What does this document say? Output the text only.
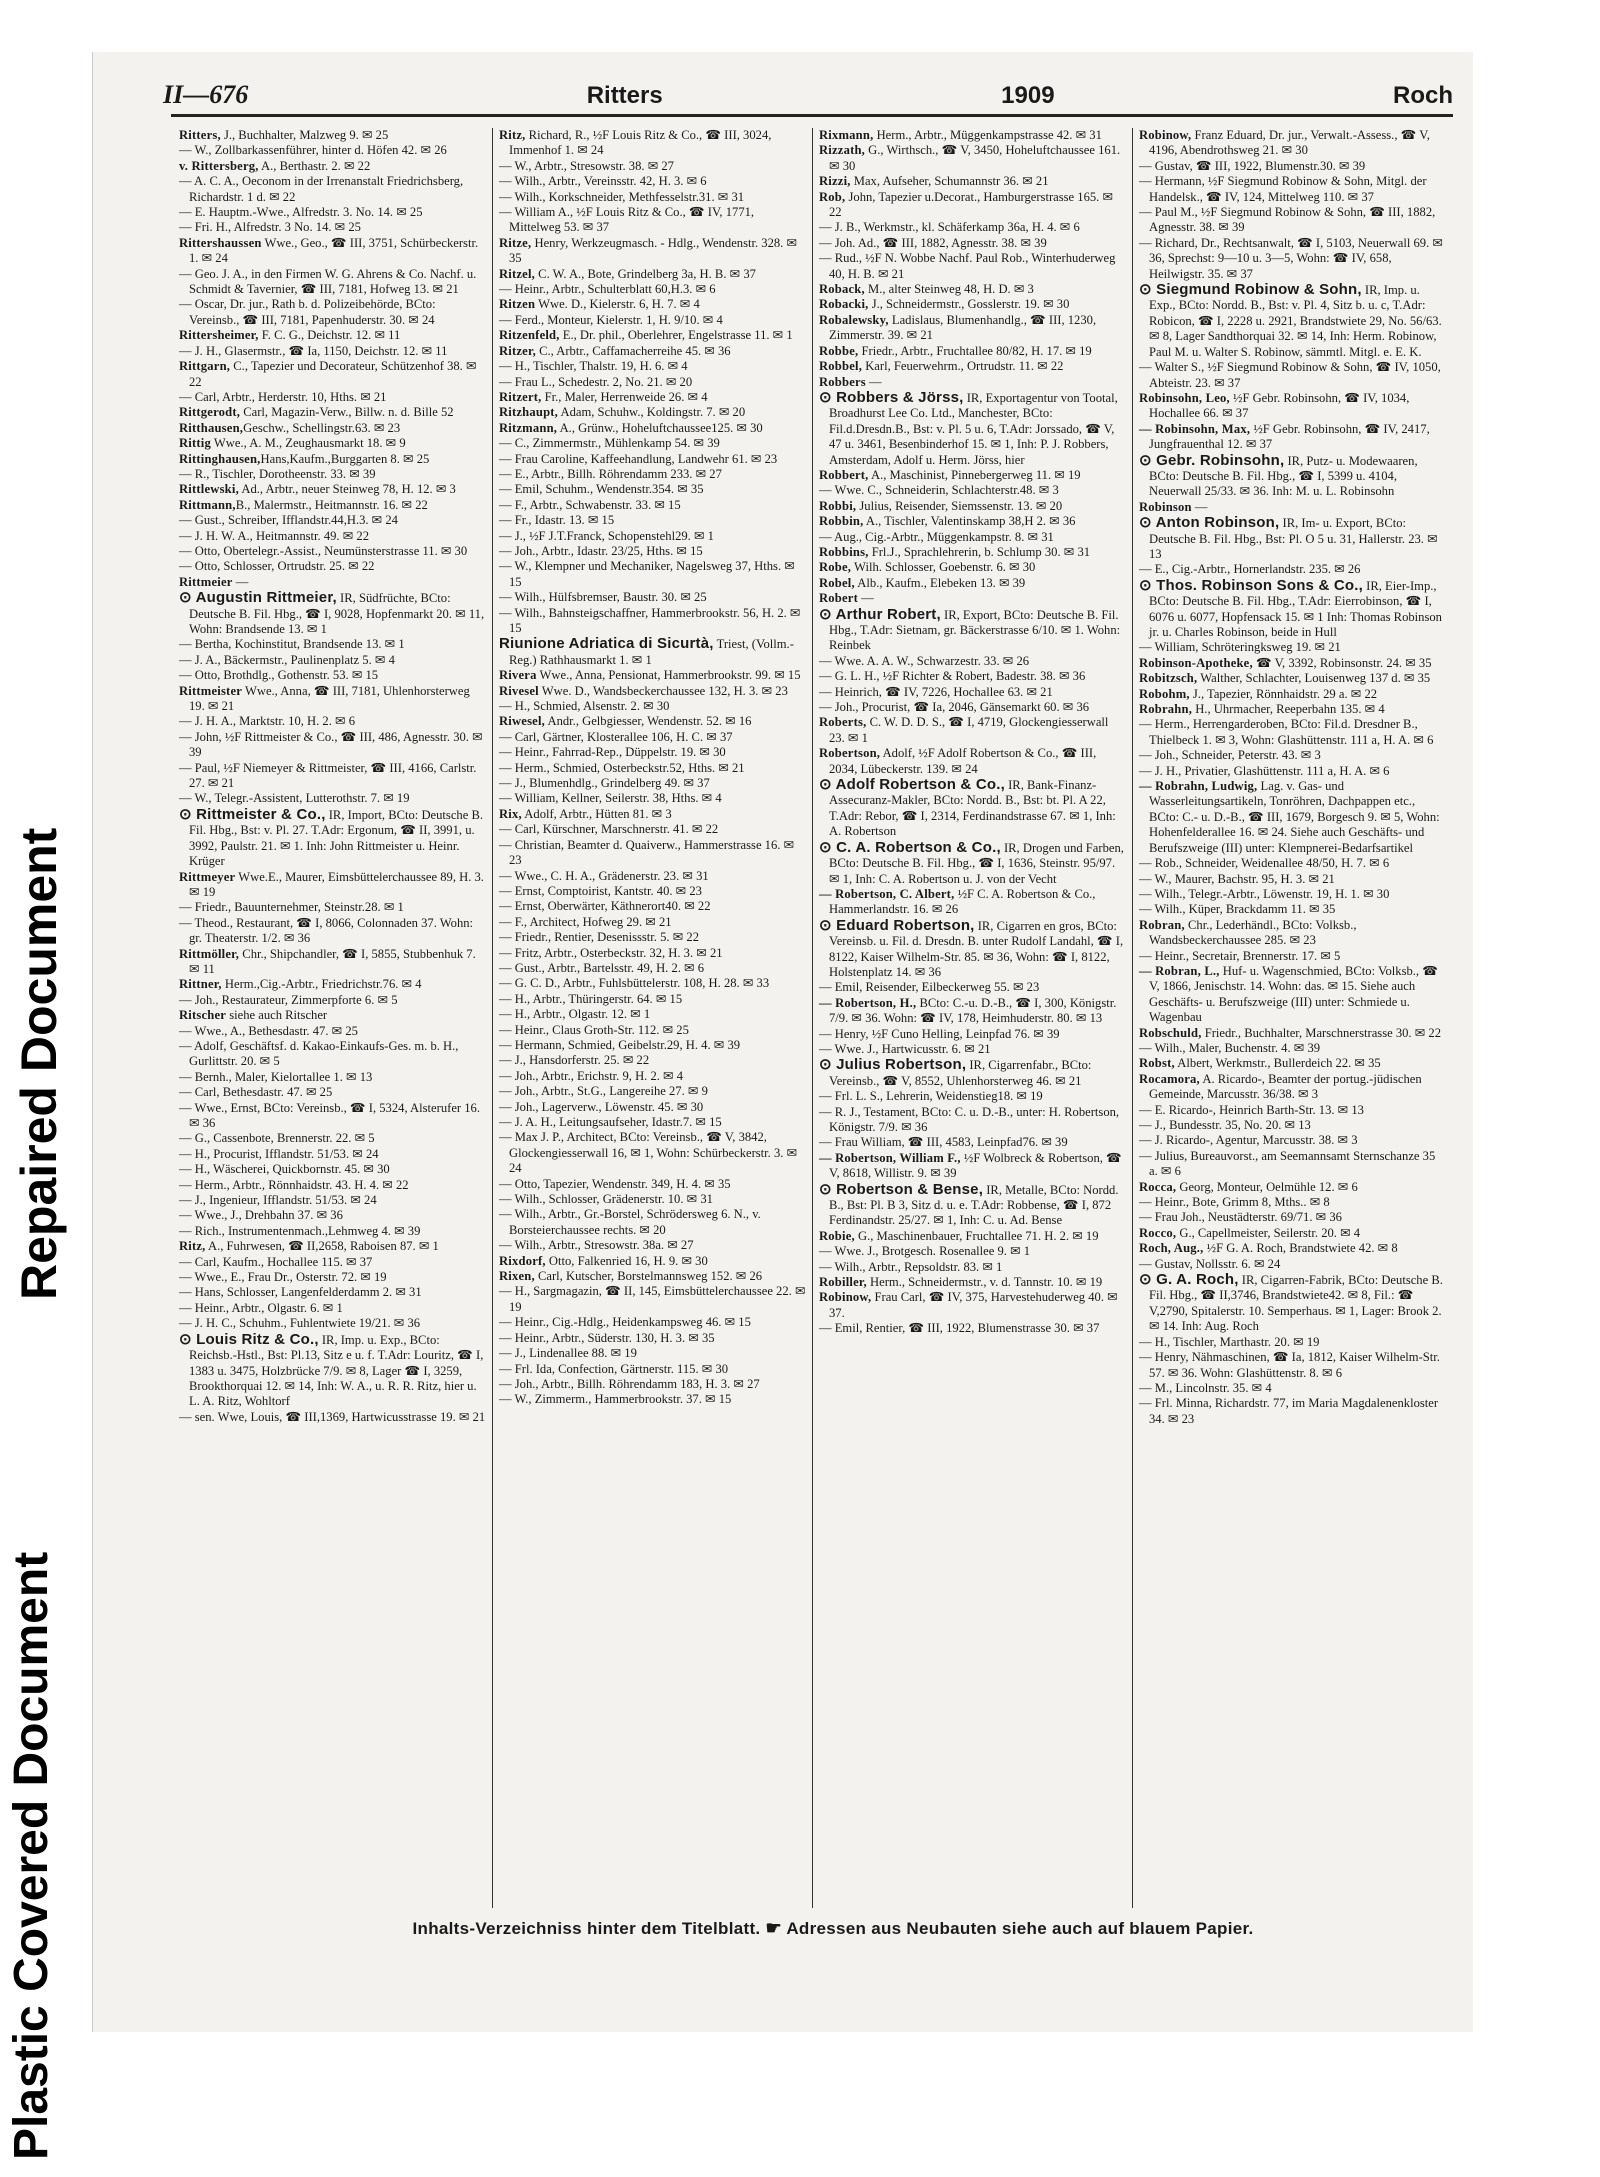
Repaired Document
Plastic Covered Document
II—676	Ritters	1909	Roch

Ritters, J., Buchhalter, Malzweg 9. ✉ 25

— W., Zollbarkassenführer, hinter d. Höfen 42. ✉ 26

v. Rittersberg, A., Berthastr. 2. ✉ 22

— A. C. A., Oeconom in der Irrenanstalt Friedrichsberg, Richardstr. 1 d. ✉ 22

— E. Hauptm.-Wwe., Alfredstr. 3. No. 14. ✉ 25

— Fri. H., Alfredstr. 3 No. 14. ✉ 25

Rittershaussen Wwe., Geo., ☎ III, 3751, Schürbeckerstr. 1. ✉ 24

— Geo. J. A., in den Firmen W. G. Ahrens & Co. Nachf. u. Schmidt & Tavernier, ☎ III, 7181, Hofweg 13. ✉ 21

— Oscar, Dr. jur., Rath b. d. Polizeibehörde, BCto: Vereinsb., ☎ III, 7181, Papenhuderstr. 30. ✉ 24

Rittersheimer, F. C. G., Deichstr. 12. ✉ 11

— J. H., Glasermstr., ☎ Ia, 1150, Deichstr. 12. ✉ 11

Rittgarn, C., Tapezier und Decorateur, Schützenhof 38. ✉ 22

— Carl, Arbtr., Herderstr. 10, Hths. ✉ 21

Rittgerodt, Carl, Magazin-Verw., Billw. n. d. Bille 52

Ritthausen,Geschw., Schellingstr.63. ✉ 23

Rittig Wwe., A. M., Zeughausmarkt 18. ✉ 9

Rittinghausen,Hans,Kaufm.,Burggarten 8. ✉ 25

— R., Tischler, Dorotheenstr. 33. ✉ 39

Rittlewski, Ad., Arbtr., neuer Steinweg 78, H. 12. ✉ 3

Rittmann,B., Malermstr., Heitmannstr. 16. ✉ 22

— Gust., Schreiber, Ifflandstr.44,H.3. ✉ 24

— J. H. W. A., Heitmannstr. 49. ✉ 22

— Otto, Obertelegr.-Assist., Neumünsterstrasse 11. ✉ 30

— Otto, Schlosser, Ortrudstr. 25. ✉ 22

Rittmeier —

⊙ Augustin Rittmeier, IR, Südfrüchte, BCto: Deutsche B. Fil. Hbg., ☎ I, 9028, Hopfenmarkt 20. ✉ 11, Wohn: Brandsende 13. ✉ 1

— Bertha, Kochinstitut, Brandsende 13. ✉ 1

— J. A., Bäckermstr., Paulinenplatz 5. ✉ 4

— Otto, Brothdlg., Gothenstr. 53. ✉ 15

Rittmeister Wwe., Anna, ☎ III, 7181, Uhlenhorsterweg 19. ✉ 21

— J. H. A., Marktstr. 10, H. 2. ✉ 6

— John, ½F Rittmeister & Co., ☎ III, 486, Agnesstr. 30. ✉ 39

— Paul, ½F Niemeyer & Rittmeister, ☎ III, 4166, Carlstr. 27. ✉ 21

— W., Telegr.-Assistent, Lutterothstr. 7. ✉ 19

⊙ Rittmeister & Co., IR, Import, BCto: Deutsche B. Fil. Hbg., Bst: v. Pl. 27. T.Adr: Ergonum, ☎ II, 3991, u. 3992, Paulstr. 21. ✉ 1. Inh: John Rittmeister u. Heinr. Krüger

Rittmeyer Wwe.E., Maurer, Eimsbüttelerchaussee 89, H. 3. ✉ 19

— Friedr., Bauunternehmer, Steinstr.28. ✉ 1

— Theod., Restaurant, ☎ I, 8066, Colonnaden 37. Wohn: gr. Theaterstr. 1/2. ✉ 36

Rittmöller, Chr., Shipchandler, ☎ I, 5855, Stubbenhuk 7. ✉ 11

Rittner, Herm.,Cig.-Arbtr., Friedrichstr.76. ✉ 4

— Joh., Restaurateur, Zimmerpforte 6. ✉ 5

Ritscher siehe auch Ritscher

— Wwe., A., Bethesdastr. 47. ✉ 25

— Adolf, Geschäftsf. d. Kakao-Einkaufs-Ges. m. b. H., Gurlittstr. 20. ✉ 5

— Bernh., Maler, Kielortallee 1. ✉ 13

— Carl, Bethesdastr. 47. ✉ 25

— Wwe., Ernst, BCto: Vereinsb., ☎ I, 5324, Alsterufer 16. ✉ 36

— G., Cassenbote, Brennerstr. 22. ✉ 5

— H., Procurist, Ifflandstr. 51/53. ✉ 24

— H., Wäscherei, Quickbornstr. 45. ✉ 30

— Herm., Arbtr., Rönnhaidstr. 43. H. 4. ✉ 22

— J., Ingenieur, Ifflandstr. 51/53. ✉ 24

— Wwe., J., Drehbahn 37. ✉ 36

— Rich., Instrumentenmach.,Lehmweg 4. ✉ 39

Ritz, A., Fuhrwesen, ☎ II,2658, Raboisen 87. ✉ 1

— Carl, Kaufm., Hochallee 115. ✉ 37

— Wwe., E., Frau Dr., Osterstr. 72. ✉ 19

— Hans, Schlosser, Langenfelderdamm 2. ✉ 31

— Heinr., Arbtr., Olgastr. 6. ✉ 1

— J. H. C., Schuhm., Fuhlentwiete 19/21. ✉ 36

⊙ Louis Ritz & Co., IR, Imp. u. Exp., BCto: Reichsb.-Hstl., Bst: Pl.13, Sitz e u. f. T.Adr: Louritz, ☎ I, 1383 u. 3475, Holzbrücke 7/9. ✉ 8, Lager ☎ I, 3259, Brookthorquai 12. ✉ 14, Inh: W. A., u. R. R. Ritz, hier u. L. A. Ritz, Wohltorf

— sen. Wwe, Louis, ☎ III,1369, Hartwicusstrasse 19. ✉ 21

Ritz, Richard, R., ½F Louis Ritz & Co., ☎ III, 3024, Immenhof 1. ✉ 24

— W., Arbtr., Stresowstr. 38. ✉ 27

— Wilh., Arbtr., Vereinsstr. 42, H. 3. ✉ 6

— Wilh., Korkschneider, Methfesselstr.31. ✉ 31

— William A., ½F Louis Ritz & Co., ☎ IV, 1771, Mittelweg 53. ✉ 37

Ritze, Henry, Werkzeugmasch. - Hdlg., Wendenstr. 328. ✉ 35

Ritzel, C. W. A., Bote, Grindelberg 3a, H. B. ✉ 37

— Heinr., Arbtr., Schulterblatt 60,H.3. ✉ 6

Ritzen Wwe. D., Kielerstr. 6, H. 7. ✉ 4

— Ferd., Monteur, Kielerstr. 1, H. 9/10. ✉ 4

Ritzenfeld, E., Dr. phil., Oberlehrer, Engelstrasse 11. ✉ 1

Ritzer, C., Arbtr., Caffamacherreihe 45. ✉ 36

— H., Tischler, Thalstr. 19, H. 6. ✉ 4

— Frau L., Schedestr. 2, No. 21. ✉ 20

Ritzert, Fr., Maler, Herrenweide 26. ✉ 4

Ritzhaupt, Adam, Schuhw., Koldingstr. 7. ✉ 20

Ritzmann, A., Grünw., Hoheluftchaussee125. ✉ 30

— C., Zimmermstr., Mühlenkamp 54. ✉ 39

— Frau Caroline, Kaffeehandlung, Landwehr 61. ✉ 23

— E., Arbtr., Billh. Röhrendamm 233. ✉ 27

— Emil, Schuhm., Wendenstr.354. ✉ 35

— F., Arbtr., Schwabenstr. 33. ✉ 15

— Fr., Idastr. 13. ✉ 15

— J., ½F J.T.Franck, Schopenstehl29. ✉ 1

— Joh., Arbtr., Idastr. 23/25, Hths. ✉ 15

— W., Klempner und Mechaniker, Nagelsweg 37, Hths. ✉ 15

— Wilh., Hülfsbremser, Baustr. 30. ✉ 25

— Wilh., Bahnsteigschaffner, Hammerbrookstr. 56, H. 2. ✉ 15

Riunione Adriatica di Sicurtà, Triest, (Vollm.-Reg.) Rathhausmarkt 1. ✉ 1

Rivera Wwe., Anna, Pensionat, Hammerbrookstr. 99. ✉ 15

Rivesel Wwe. D., Wandsbeckerchaussee 132, H. 3. ✉ 23

— H., Schmied, Alsenstr. 2. ✉ 30

Riwesel, Andr., Gelbgiesser, Wendenstr. 52. ✉ 16

— Carl, Gärtner, Klosterallee 106, H. C. ✉ 37

— Heinr., Fahrrad-Rep., Düppelstr. 19. ✉ 30

— Herm., Schmied, Osterbeckstr.52, Hths. ✉ 21

— J., Blumenhdlg., Grindelberg 49. ✉ 37

— William, Kellner, Seilerstr. 38, Hths. ✉ 4

Rix, Adolf, Arbtr., Hütten 81. ✉ 3

— Carl, Kürschner, Marschnerstr. 41. ✉ 22

— Christian, Beamter d. Quaiverw., Hammerstrasse 16. ✉ 23

— Wwe., C. H. A., Grädenerstr. 23. ✉ 31

— Ernst, Comptoirist, Kantstr. 40. ✉ 23

— Ernst, Oberwärter, Käthnerort40. ✉ 22

— F., Architect, Hofweg 29. ✉ 21

— Friedr., Rentier, Desenissstr. 5. ✉ 22

— Fritz, Arbtr., Osterbeckstr. 32, H. 3. ✉ 21

— Gust., Arbtr., Bartelsstr. 49, H. 2. ✉ 6

— G. C. D., Arbtr., Fuhlsbüttelerstr. 108, H. 28. ✉ 33

— H., Arbtr., Thüringerstr. 64. ✉ 15

— H., Arbtr., Olgastr. 12. ✉ 1

— Heinr., Claus Groth-Str. 112. ✉ 25

— Hermann, Schmied, Geibelstr.29, H. 4. ✉ 39

— J., Hansdorferstr. 25. ✉ 22

— Joh., Arbtr., Erichstr. 9, H. 2. ✉ 4

— Joh., Arbtr., St.G., Langereihe 27. ✉ 9

— Joh., Lagerverw., Löwenstr. 45. ✉ 30

— J. A. H., Leitungsaufseher, Idastr.7. ✉ 15

— Max J. P., Architect, BCto: Vereinsb., ☎ V, 3842, Glockengiesserwall 16, ✉ 1, Wohn: Schürbeckerstr. 3. ✉ 24

— Otto, Tapezier, Wendenstr. 349, H. 4. ✉ 35

— Wilh., Schlosser, Grädenerstr. 10. ✉ 31

— Wilh., Arbtr., Gr.-Borstel, Schrödersweg 6. N., v. Borsteierchaussee rechts. ✉ 20

— Wilh., Arbtr., Stresowstr. 38a. ✉ 27

Rixdorf, Otto, Falkenried 16, H. 9. ✉ 30

Rixen, Carl, Kutscher, Borstelmannsweg 152. ✉ 26

— H., Sargmagazin, ☎ II, 145, Eimsbüttelerchaussee 22. ✉ 19

— Heinr., Cig.-Hdlg., Heidenkampsweg 46. ✉ 15

— Heinr., Arbtr., Süderstr. 130, H. 3. ✉ 35

— J., Lindenallee 88. ✉ 19

— Frl. Ida, Confection, Gärtnerstr. 115. ✉ 30

— Joh., Arbtr., Billh. Röhrendamm 183, H. 3. ✉ 27

— W., Zimmerm., Hammerbrookstr. 37. ✉ 15

Rixmann, Herm., Arbtr., Müggenkampstrasse 42. ✉ 31

Rizzath, G., Wirthsch., ☎ V, 3450, Hoheluftchaussee 161. ✉ 30

Rizzi, Max, Aufseher, Schumannstr 36. ✉ 21

Rob, John, Tapezier u.Decorat., Hamburgerstrasse 165. ✉ 22

— J. B., Werkmstr., kl. Schäferkamp 36a, H. 4. ✉ 6

— Joh. Ad., ☎ III, 1882, Agnesstr. 38. ✉ 39

— Rud., ½F N. Wobbe Nachf. Paul Rob., Winterhuderweg 40, H. B. ✉ 21

Roback, M., alter Steinweg 48, H. D. ✉ 3

Robacki, J., Schneidermstr., Gosslerstr. 19. ✉ 30

Robalewsky, Ladislaus, Blumenhandlg., ☎ III, 1230, Zimmerstr. 39. ✉ 21

Robbe, Friedr., Arbtr., Fruchtallee 80/82, H. 17. ✉ 19

Robbel, Karl, Feuerwehrm., Ortrudstr. 11. ✉ 22

Robbers —

⊙ Robbers & Jörss, IR, Exportagentur von Tootal, Broadhurst Lee Co. Ltd., Manchester, BCto: Fil.d.Dresdn.B., Bst: v. Pl. 5 u. 6, T.Adr: Jorssado, ☎ V, 47 u. 3461, Besenbinderhof 15. ✉ 1, Inh: P. J. Robbers, Amsterdam, Adolf u. Herm. Jörss, hier

Robbert, A., Maschinist, Pinnebergerweg 11. ✉ 19

— Wwe. C., Schneiderin, Schlachterstr.48. ✉ 3

Robbi, Julius, Reisender, Siemssenstr. 13. ✉ 20

Robbin, A., Tischler, Valentinskamp 38,H 2. ✉ 36

— Aug., Cig.-Arbtr., Müggenkampstr. 8. ✉ 31

Robbins, Frl.J., Sprachlehrerin, b. Schlump 30. ✉ 31

Robe, Wilh. Schlosser, Goebenstr. 6. ✉ 30

Robel, Alb., Kaufm., Elebeken 13. ✉ 39

Robert —

⊙ Arthur Robert, IR, Export, BCto: Deutsche B. Fil. Hbg., T.Adr: Sietnam, gr. Bäckerstrasse 6/10. ✉ 1. Wohn: Reinbek

— Wwe. A. A. W., Schwarzestr. 33. ✉ 26

— G. L. H., ½F Richter & Robert, Badestr. 38. ✉ 36

— Heinrich, ☎ IV, 7226, Hochallee 63. ✉ 21

— Joh., Procurist, ☎ Ia, 2046, Gänsemarkt 60. ✉ 36

Roberts, C. W. D. D. S., ☎ I, 4719, Glockengiesserwall 23. ✉ 1

Robertson, Adolf, ½F Adolf Robertson & Co., ☎ III, 2034, Lübeckerstr. 139. ✉ 24

⊙ Adolf Robertson & Co., IR, Bank-Finanz-Assecuranz-Makler, BCto: Nordd. B., Bst: bt. Pl. A 22, T.Adr: Rebor, ☎ I, 2314, Ferdinandstrasse 67. ✉ 1, Inh: A. Robertson

⊙ C. A. Robertson & Co., IR, Drogen und Farben, BCto: Deutsche B. Fil. Hbg., ☎ I, 1636, Steinstr. 95/97. ✉ 1, Inh: C. A. Robertson u. J. von der Vecht

— Robertson, C. Albert, ½F C. A. Robertson & Co., Hammerlandstr. 16. ✉ 26

⊙ Eduard Robertson, IR, Cigarren en gros, BCto: Vereinsb. u. Fil. d. Dresdn. B. unter Rudolf Landahl, ☎ I, 8122, Kaiser Wilhelm-Str. 85. ✉ 36, Wohn: ☎ I, 8122, Holstenplatz 14. ✉ 36

— Emil, Reisender, Eilbeckerweg 55. ✉ 23

— Robertson, H., BCto: C.-u. D.-B., ☎ I, 300, Königstr. 7/9. ✉ 36. Wohn: ☎ IV, 178, Heimhuderstr. 80. ✉ 13

— Henry, ½F Cuno Helling, Leinpfad 76. ✉ 39

— Wwe. J., Hartwicusstr. 6. ✉ 21

⊙ Julius Robertson, IR, Cigarrenfabr., BCto: Vereinsb., ☎ V, 8552, Uhlenhorsterweg 46. ✉ 21

— Frl. L. S., Lehrerin, Weidenstieg18. ✉ 19

— R. J., Testament, BCto: C. u. D.-B., unter: H. Robertson, Königstr. 7/9. ✉ 36

— Frau William, ☎ III, 4583, Leinpfad76. ✉ 39

— Robertson, William F., ½F Wolbreck & Robertson, ☎ V, 8618, Willistr. 9. ✉ 39

⊙ Robertson & Bense, IR, Metalle, BCto: Nordd. B., Bst: Pl. B 3, Sitz d. u. e. T.Adr: Robbense, ☎ I, 872 Ferdinandstr. 25/27. ✉ 1, Inh: C. u. Ad. Bense

Robie, G., Maschinenbauer, Fruchtallee 71. H. 2. ✉ 19

— Wwe. J., Brotgesch. Rosenallee 9. ✉ 1

— Wilh., Arbtr., Repsoldstr. 83. ✉ 1

Robiller, Herm., Schneidermstr., v. d. Tannstr. 10. ✉ 19

Robinow, Frau Carl, ☎ IV, 375, Harvestehuderweg 40. ✉ 37.

— Emil, Rentier, ☎ III, 1922, Blumenstrasse 30. ✉ 37

Robinow, Franz Eduard, Dr. jur., Verwalt.-Assess., ☎ V, 4196, Abendrothsweg 21. ✉ 30

— Gustav, ☎ III, 1922, Blumenstr.30. ✉ 39

— Hermann, ½F Siegmund Robinow & Sohn, Mitgl. der Handelsk., ☎ IV, 124, Mittelweg 110. ✉ 37

— Paul M., ½F Siegmund Robinow & Sohn, ☎ III, 1882, Agnesstr. 38. ✉ 39

— Richard, Dr., Rechtsanwalt, ☎ I, 5103, Neuerwall 69. ✉ 36, Sprechst: 9—10 u. 3—5, Wohn: ☎ IV, 658, Heilwigstr. 35. ✉ 37

⊙ Siegmund Robinow & Sohn, IR, Imp. u. Exp., BCto: Nordd. B., Bst: v. Pl. 4, Sitz b. u. c, T.Adr: Robicon, ☎ I, 2228 u. 2921, Brandstwiete 29, No. 56/63. ✉ 8, Lager Sandthorquai 32. ✉ 14, Inh: Herm. Robinow, Paul M. u. Walter S. Robinow, sämmtl. Mitgl. e. E. K.

— Walter S., ½F Siegmund Robinow & Sohn, ☎ IV, 1050, Abteistr. 23. ✉ 37

Robinsohn, Leo, ½F Gebr. Robinsohn, ☎ IV, 1034, Hochallee 66. ✉ 37

— Robinsohn, Max, ½F Gebr. Robinsohn, ☎ IV, 2417, Jungfrauenthal 12. ✉ 37

⊙ Gebr. Robinsohn, IR, Putz- u. Modewaaren, BCto: Deutsche B. Fil. Hbg., ☎ I, 5399 u. 4104, Neuerwall 25/33. ✉ 36. Inh: M. u. L. Robinsohn

Robinson —

⊙ Anton Robinson, IR, Im- u. Export, BCto: Deutsche B. Fil. Hbg., Bst: Pl. O 5 u. 31, Hallerstr. 23. ✉ 13

— E., Cig.-Arbtr., Hornerlandstr. 235. ✉ 26

⊙ Thos. Robinson Sons & Co., IR, Eier-Imp., BCto: Deutsche B. Fil. Hbg., T.Adr: Eierrobinson, ☎ I, 6076 u. 6077, Hopfensack 15. ✉ 1 Inh: Thomas Robinson jr. u. Charles Robinson, beide in Hull

— William, Schröteringksweg 19. ✉ 21

Robinson-Apotheke, ☎ V, 3392, Robinsonstr. 24. ✉ 35

Robitzsch, Walther, Schlachter, Louisenweg 137 d. ✉ 35

Robohm, J., Tapezier, Rönnhaidstr. 29 a. ✉ 22

Robrahn, H., Uhrmacher, Reeperbahn 135. ✉ 4

— Herm., Herrengarderoben, BCto: Fil.d. Dresdner B., Thielbeck 1. ✉ 3, Wohn: Glashüttenstr. 111 a, H. A. ✉ 6

— Joh., Schneider, Peterstr. 43. ✉ 3

— J. H., Privatier, Glashüttenstr. 111 a, H. A. ✉ 6

— Robrahn, Ludwig, Lag. v. Gas- und Wasserleitungsartikeln, Tonröhren, Dachpappen etc., BCto: C.- u. D.-B., ☎ III, 1679, Borgesch 9. ✉ 5, Wohn: Hohenfelderallee 16. ✉ 24. Siehe auch Geschäfts- und Berufszweige (III) unter: Klempnerei-Bedarfsartikel

— Rob., Schneider, Weidenallee 48/50, H. 7. ✉ 6

— W., Maurer, Bachstr. 95, H. 3. ✉ 21

— Wilh., Telegr.-Arbtr., Löwenstr. 19, H. 1. ✉ 30

— Wilh., Küper, Brackdamm 11. ✉ 35

Robran, Chr., Lederhändl., BCto: Volksb., Wandsbeckerchaussee 285. ✉ 23

— Heinr., Secretair, Brennerstr. 17. ✉ 5

— Robran, L., Huf- u. Wagenschmied, BCto: Volksb., ☎ V, 1866, Jenischstr. 14. Wohn: das. ✉ 15. Siehe auch Geschäfts- u. Berufszweige (III) unter: Schmiede u. Wagenbau

Robschuld, Friedr., Buchhalter, Marschnerstrasse 30. ✉ 22

— Wilh., Maler, Buchenstr. 4. ✉ 39

Robst, Albert, Werkmstr., Bullerdeich 22. ✉ 35

Rocamora, A. Ricardo-, Beamter der portug.-jüdischen Gemeinde, Marcusstr. 36/38. ✉ 3

— E. Ricardo-, Heinrich Barth-Str. 13. ✉ 13

— J., Bundesstr. 35, No. 20. ✉ 13

— J. Ricardo-, Agentur, Marcusstr. 38. ✉ 3

— Julius, Bureauvorst., am Seemannsamt Sternschanze 35 a. ✉ 6

Rocca, Georg, Monteur, Oelmühle 12. ✉ 6

— Heinr., Bote, Grimm 8, Mths.. ✉ 8

— Frau Joh., Neustädterstr. 69/71. ✉ 36

Rocco, G., Capellmeister, Seilerstr. 20. ✉ 4

Roch, Aug., ½F G. A. Roch, Brandstwiete 42. ✉ 8

— Gustav, Nollsstr. 6. ✉ 24

⊙ G. A. Roch, IR, Cigarren-Fabrik, BCto: Deutsche B. Fil. Hbg., ☎ II,3746, Brandstwiete42. ✉ 8, Fil.: ☎ V,2790, Spitalerstr. 10. Semperhaus. ✉ 1, Lager: Brook 2. ✉ 14. Inh: Aug. Roch

— H., Tischler, Marthastr. 20. ✉ 19

— Henry, Nähmaschinen, ☎ Ia, 1812, Kaiser Wilhelm-Str. 57. ✉ 36. Wohn: Glashüttenstr. 8. ✉ 6

— M., Lincolnstr. 35. ✉ 4

— Frl. Minna, Richardstr. 77, im Maria Magdalenenkloster 34. ✉ 23

Inhalts-Verzeichniss hinter dem Titelblatt. ☛ Adressen aus Neubauten siehe auch auf blauem Papier.
